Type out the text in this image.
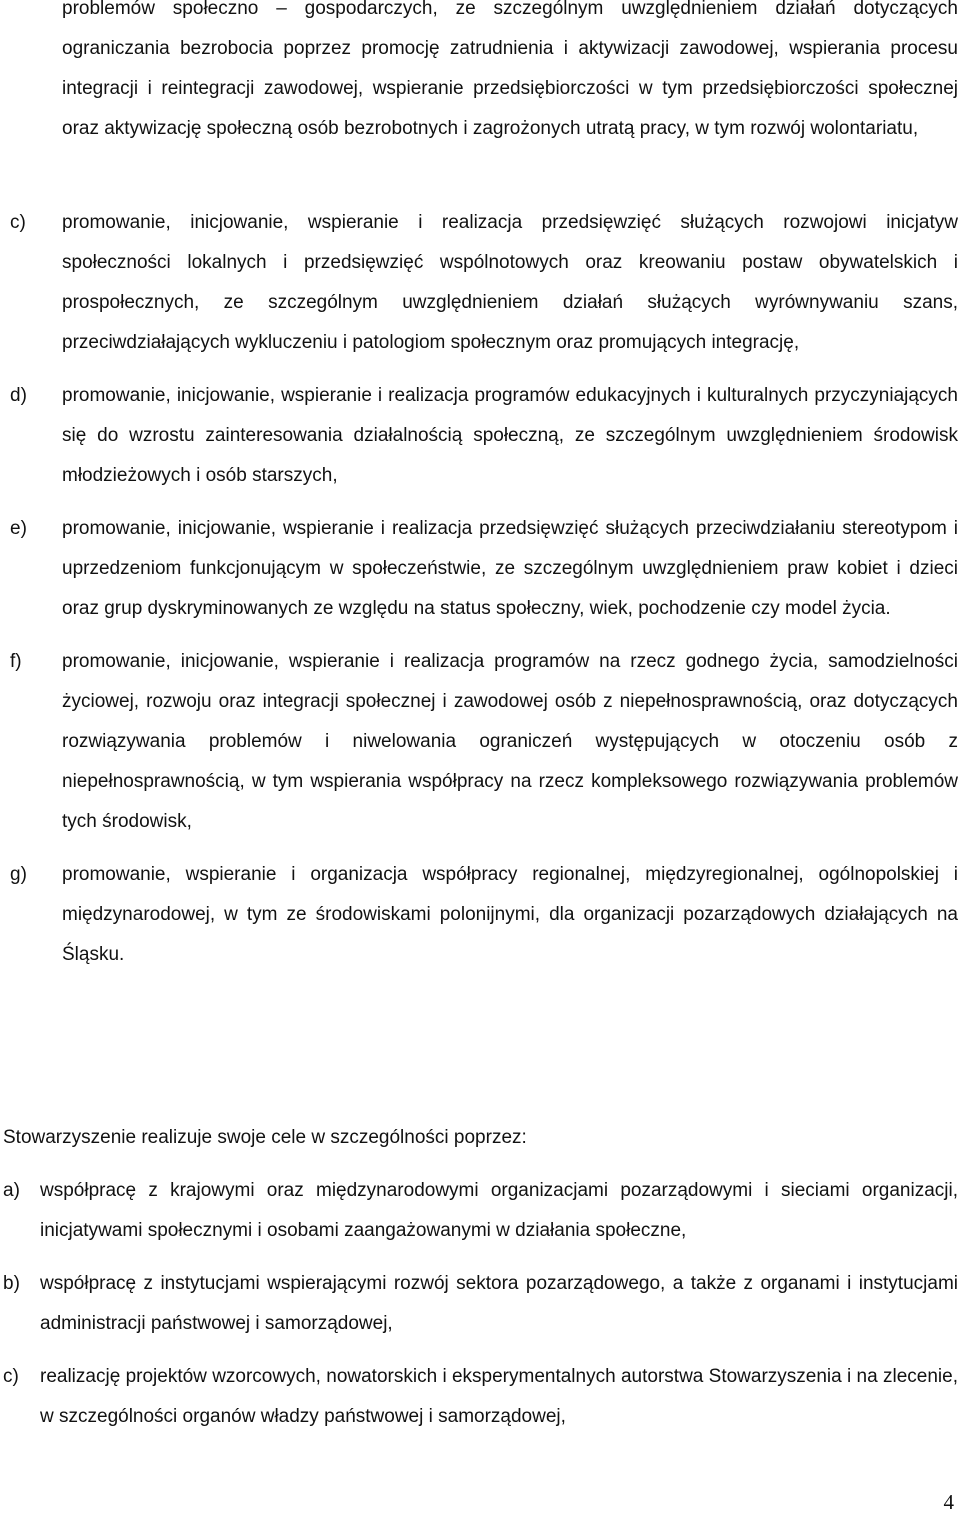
problemów społeczno – gospodarczych, ze szczególnym uwzględnieniem działań dotyczących ograniczania bezrobocia poprzez promocję zatrudnienia i aktywizacji zawodowej, wspierania procesu integracji i reintegracji zawodowej, wspieranie przedsiębiorczości w tym przedsiębiorczości społecznej oraz aktywizację społeczną osób bezrobotnych i zagrożonych utratą pracy, w tym rozwój wolontariatu,
c) promowanie, inicjowanie, wspieranie i realizacja przedsięwzięć służących rozwojowi inicjatyw społeczności lokalnych i przedsięwzięć wspólnotowych oraz kreowaniu postaw obywatelskich i prospołecznych, ze szczególnym uwzględnieniem działań służących wyrównywaniu szans, przeciwdziałających wykluczeniu i patologiom społecznym oraz promujących integrację,
d) promowanie, inicjowanie, wspieranie i realizacja programów edukacyjnych i kulturalnych przyczyniających się do wzrostu zainteresowania działalnością społeczną, ze szczególnym uwzględnieniem środowisk młodzieżowych i osób starszych,
e) promowanie, inicjowanie, wspieranie i realizacja przedsięwzięć służących przeciwdziałaniu stereotypom i uprzedzeniom funkcjonującym w społeczeństwie, ze szczególnym uwzględnieniem praw kobiet i dzieci oraz grup dyskryminowanych ze względu na status społeczny, wiek, pochodzenie czy model życia.
f) promowanie, inicjowanie, wspieranie i realizacja programów na rzecz godnego życia, samodzielności życiowej, rozwoju oraz integracji społecznej i zawodowej osób z niepełnosprawnością, oraz dotyczących rozwiązywania problemów i niwelowania ograniczeń występujących w otoczeniu osób z niepełnosprawnością, w tym wspierania współpracy na rzecz kompleksowego rozwiązywania problemów tych środowisk,
g) promowanie, wspieranie i organizacja współpracy regionalnej, międzyregionalnej, ogólnopolskiej i międzynarodowej, w tym ze środowiskami polonijnymi, dla organizacji pozarządowych działających na Śląsku.
Stowarzyszenie realizuje swoje cele w szczególności poprzez:
a) współpracę z krajowymi oraz międzynarodowymi organizacjami pozarządowymi i sieciami organizacji, inicjatywami społecznymi i osobami zaangażowanymi w działania społeczne,
b) współpracę z instytucjami wspierającymi rozwój sektora pozarządowego, a także z organami i instytucjami administracji państwowej i samorządowej,
c) realizację projektów wzorcowych, nowatorskich i eksperymentalnych autorstwa Stowarzyszenia i na zlecenie, w szczególności organów władzy państwowej i samorządowej,
4
